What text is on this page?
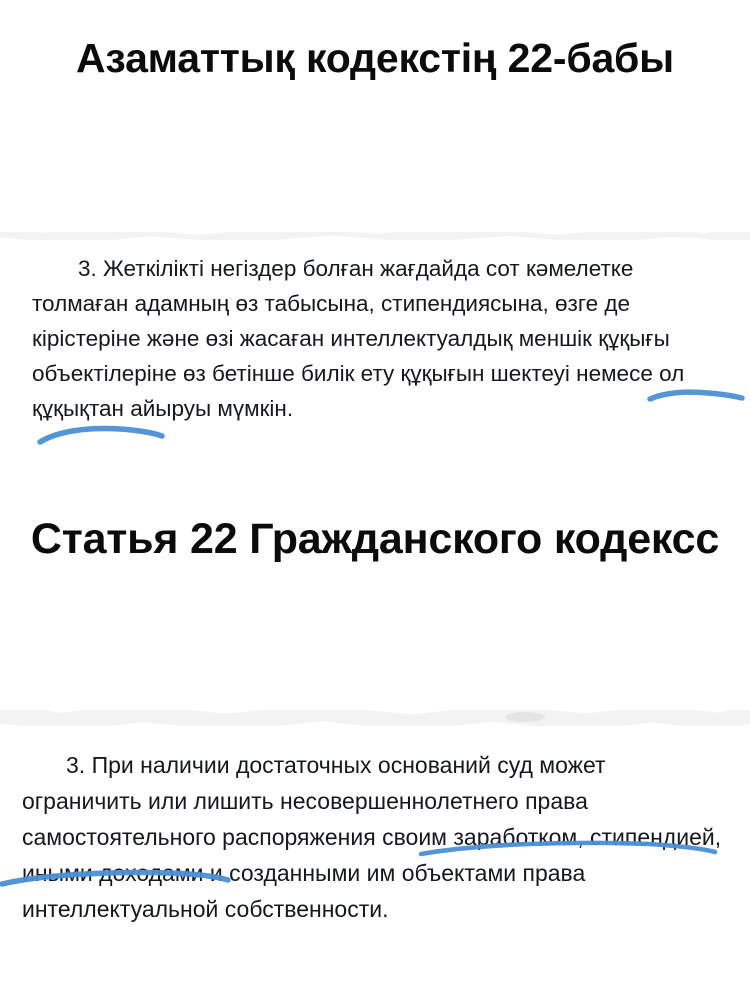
Азаматтық кодекстің 22-бабы
3. Жеткілікті негіздер болған жағдайда сот кәмелетке толмаған адамның өз табысына, стипендиясына, өзге де кірістеріне және өзі жасаған интеллектуалдық меншік құқығы объектілеріне өз бетінше билік ету құқығын шектеуі немесе ол құқықтан айыруы мүмкін.
Статья 22 Гражданского кодексс
3. При наличии достаточных оснований суд может ограничить или лишить несовершеннолетнего права самостоятельного распоряжения своим заработком, стипендией, иными доходами и созданными им объектами права интеллектуальной собственности.
